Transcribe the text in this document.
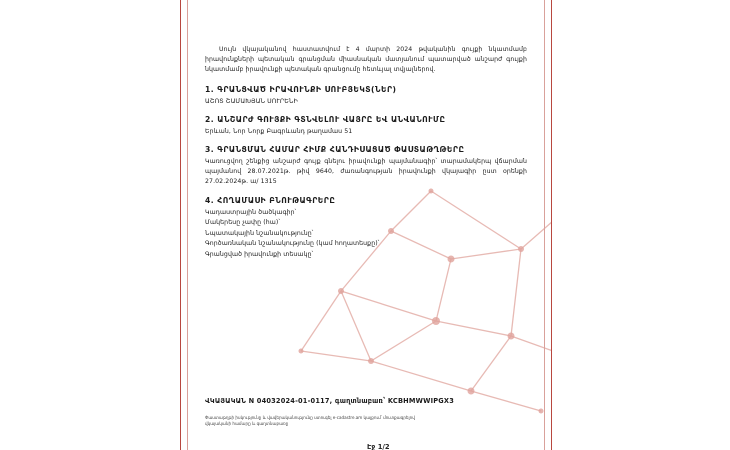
Սույն վկայականով հաստատվում է 4 մարտի 2024 թվականին գույքի նկատմամբ իրավունքների պետական գրանցման միասնական մատյանում պատարված անշարժ գույքի նկատմամբ իրավունքի պետական գրանցումը հետևյալ տվյալներով.

1. ԳՐԱՆՑՎԱԾ ԻՐԱՎՈՒՆՔԻ ՍՈՒԲՅԵԿՏ(ՆԵՐ)

ԱՇՈՏ ՇԱՄԱԽՅԱՆ ՍՈՒՐԵՆԻ

2. ԱՆՇԱՐԺ ԳՈՒՅՔԻ ԳՏՆՎԵԼՈՒ ՎԱՅՐԸ ԵՎ ԱՆՎԱՆՈՒՄԸ

Երևան, Նոր Նորք Բագրևանդ թաղամաս 51

3. ԳՐԱՆՑՄԱՆ ՀԱՄԱՐ ՀԻՄՔ ՀԱՆԴԻՍԱՑԱԾ ՓԱՍՏԱԹՂԹԵՐԸ

Կառուցվող շենքից անշարժ գույք գնելու իրավունքի պայմանագիր՝ տարամակերպ վճարման պայմանով 28.07.2021թ. թիվ 9640, ժառանգության իրավունքի վկայագիր ըստ օրենքի 27.02.2024թ. ա/ 1315

4. ՀՈՂԱՄԱՍԻ ԲՆՈՒԹԱԳՐԵՐԸ
Կադաստրային ծածկագիր՝
Մակերեսը չափը (հա)՝
Նպատակային նշանակությունը՝
Գործառնական նշանակությունը (կամ հողատեսքը)՝
Գրանցված իրավունքի տեսակը՝
ՎԿԱՅԱԿԱՆ N 04032024-01-0117, գաղտնաբառ՝ KCBHMWWIPGX3

Փաստաթղթի իսկությունը և վավերականությունը ստուգել e-cadastre.am կայքում՝ մուտքագրելով վկայականի համարը և գաղտնաբառը

Էջ 1/2
